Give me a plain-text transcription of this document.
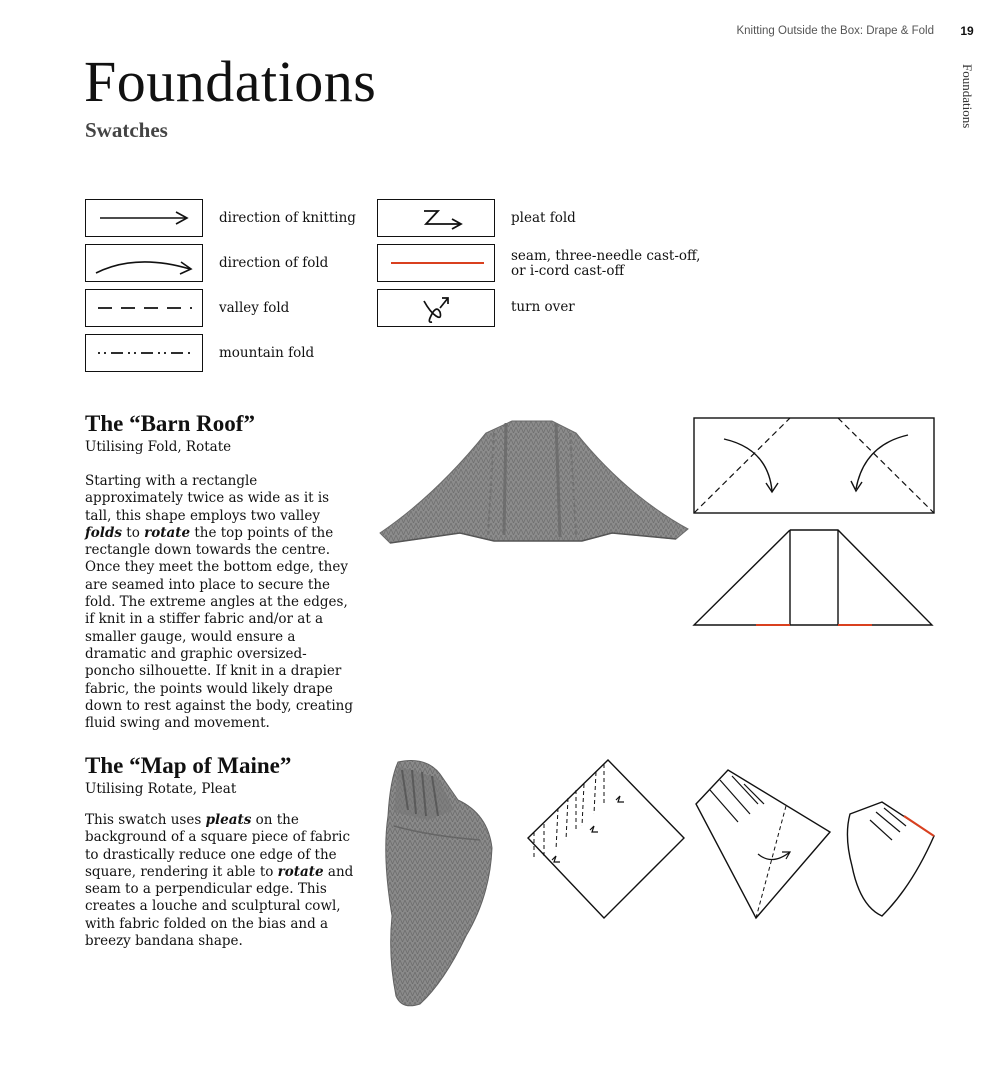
Knitting Outside the Box: Drape & Fold	19
Foundations
Foundations
Swatches
direction of knitting
direction of fold
valley fold
mountain fold
pleat fold
seam, three-needle cast-off, or i-cord cast-off
turn over
The “Barn Roof”

Utilising Fold, Rotate

Starting with a rectangle approximately twice as wide as it is tall, this shape employs two valley folds to rotate the top points of the rectangle down towards the centre. Once they meet the bottom edge, they are seamed into place to secure the fold. The extreme angles at the edges, if knit in a stiffer fabric and/or at a smaller gauge, would ensure a dramatic and graphic oversized-poncho silhouette. If knit in a drapier fabric, the points would likely drape down to rest against the body, creating fluid swing and movement.

The “Map of Maine”

Utilising Rotate, Pleat

This swatch uses pleats on the background of a square piece of fabric to drastically reduce one edge of the square, rendering it able to rotate and seam to a perpendicular edge. This creates a louche and sculptural cowl, with fabric folded on the bias and a breezy bandana shape.
